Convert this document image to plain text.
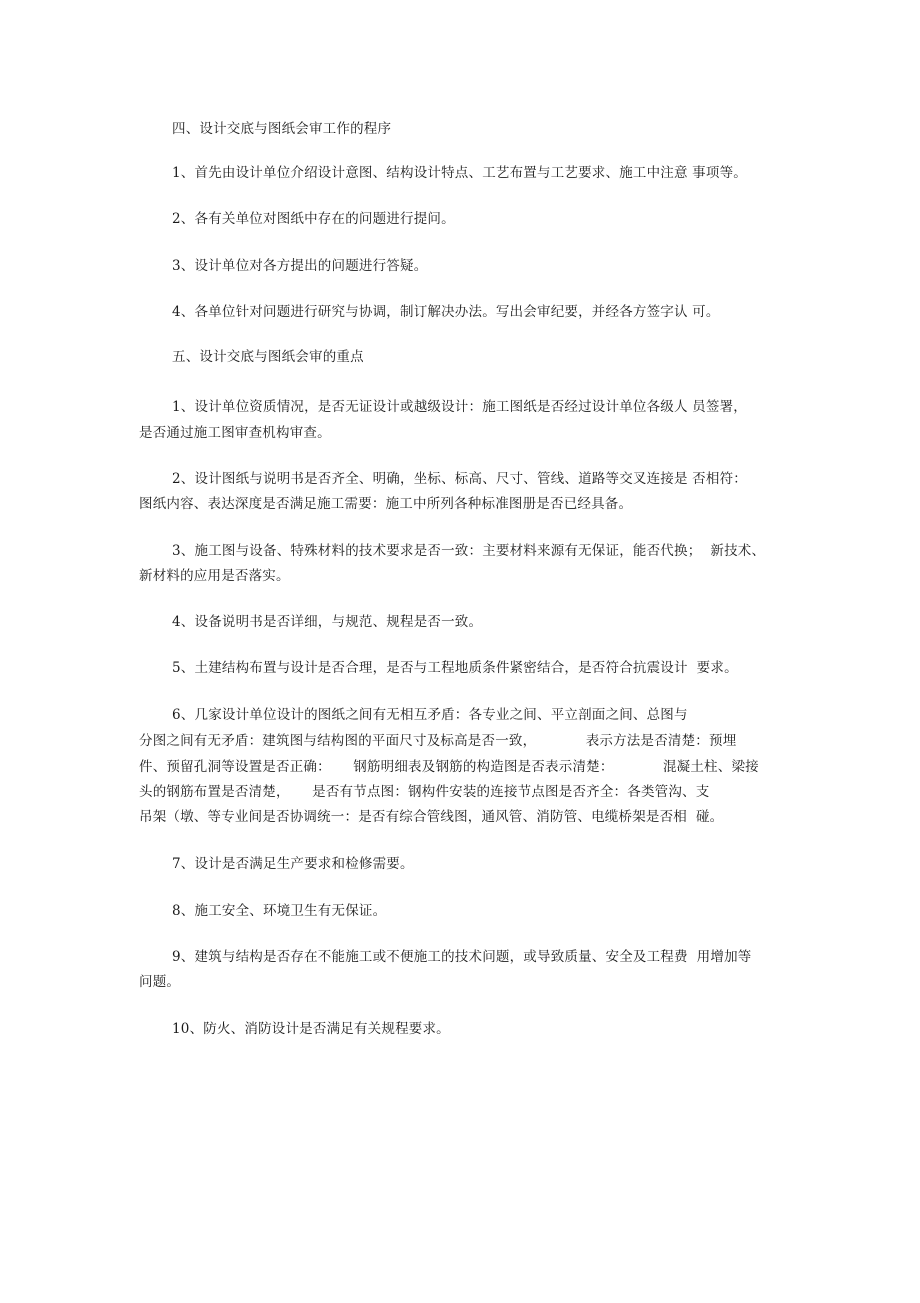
四、设计交底与图纸会审工作的程序
1、首先由设计单位介绍设计意图、结构设计特点、工艺布置与工艺要求、施工中注意 事项等。
2、各有关单位对图纸中存在的问题进行提问。
3、设计单位对各方提出的问题进行答疑。
4、各单位针对问题进行研究与协调，制订解决办法。写出会审纪要，并经各方签字认 可。
五、设计交底与图纸会审的重点
1、设计单位资质情况，是否无证设计或越级设计：施工图纸是否经过设计单位各级人 员签署，
是否通过施工图审查机构审查。
2、设计图纸与说明书是否齐全、明确，坐标、标高、尺寸、管线、道路等交叉连接是 否相符：
图纸内容、表达深度是否满足施工需要：施工中所列各种标准图册是否已经具备。
3、施工图与设备、特殊材料的技术要求是否一致：主要材料来源有无保证，能否代换；  新技术、
新材料的应用是否落实。
4、设备说明书是否详细，与规范、规程是否一致。
5、土建结构布置与设计是否合理，是否与工程地质条件紧密结合，是否符合抗震设计  要求。
6、几家设计单位设计的图纸之间有无相互矛盾：各专业之间、平立剖面之间、总图与
分图之间有无矛盾：建筑图与结构图的平面尺寸及标高是否一致，           表示方法是否清楚：预埋
件、预留孔洞等设置是否正确：     钢筋明细表及钢筋的构造图是否表示清楚：           混凝土柱、梁接
头的钢筋布置是否清楚，     是否有节点图：钢构件安装的连接节点图是否齐全：各类管沟、支
吊架（墩、等专业间是否协调统一：是否有综合管线图，通风管、消防管、电缆桥架是否相  碰。
7、设计是否满足生产要求和检修需要。
8、施工安全、环境卫生有无保证。
9、建筑与结构是否存在不能施工或不便施工的技术问题，或导致质量、安全及工程费  用增加等
问题。
10、防火、消防设计是否满足有关规程要求。
